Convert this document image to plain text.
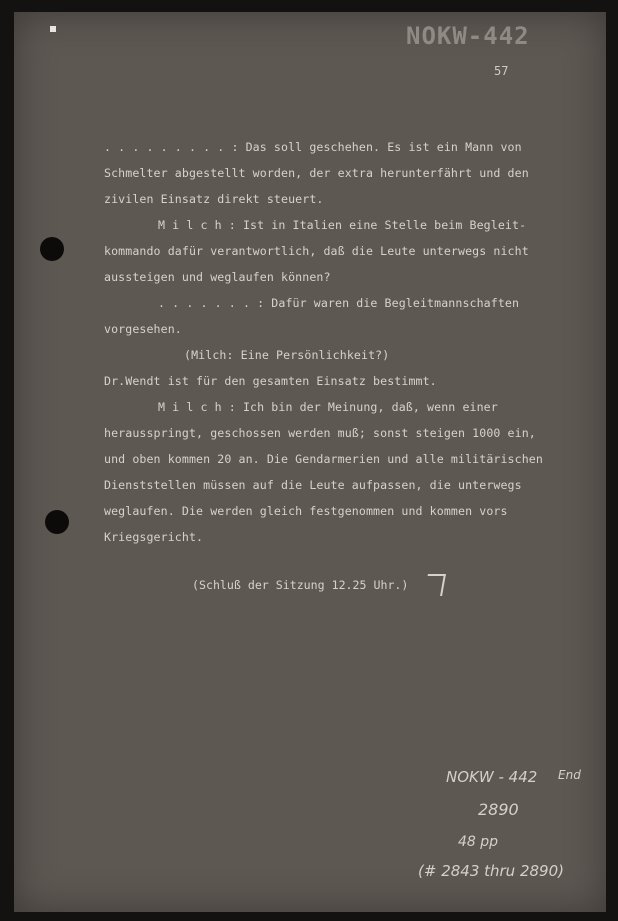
NOKW-442
57
. . . . . . . . . : Das soll geschehen. Es ist ein Mann von
Schmelter abgestellt worden, der extra herunterfährt und den
zivilen Einsatz direkt steuert.
M i l c h : Ist in Italien eine Stelle beim Begleit-
kommando dafür verantwortlich, daß die Leute unterwegs nicht
aussteigen und weglaufen können?
. . . . . . . : Dafür waren die Begleitmannschaften
vorgesehen.
(Milch: Eine Persönlichkeit?)
Dr.Wendt ist für den gesamten Einsatz bestimmt.
M i l c h : Ich bin der Meinung, daß, wenn einer
herausspringt, geschossen werden muß; sonst steigen 1000 ein,
und oben kommen 20 an. Die Gendarmerien und alle militärischen
Dienststellen müssen auf die Leute aufpassen, die unterwegs
weglaufen. Die werden gleich festgenommen und kommen vors
Kriegsgericht.
(Schluß der Sitzung 12.25 Uhr.)
NOKW - 442 End
2890
48 pp
(# 2843 thru 2890)
